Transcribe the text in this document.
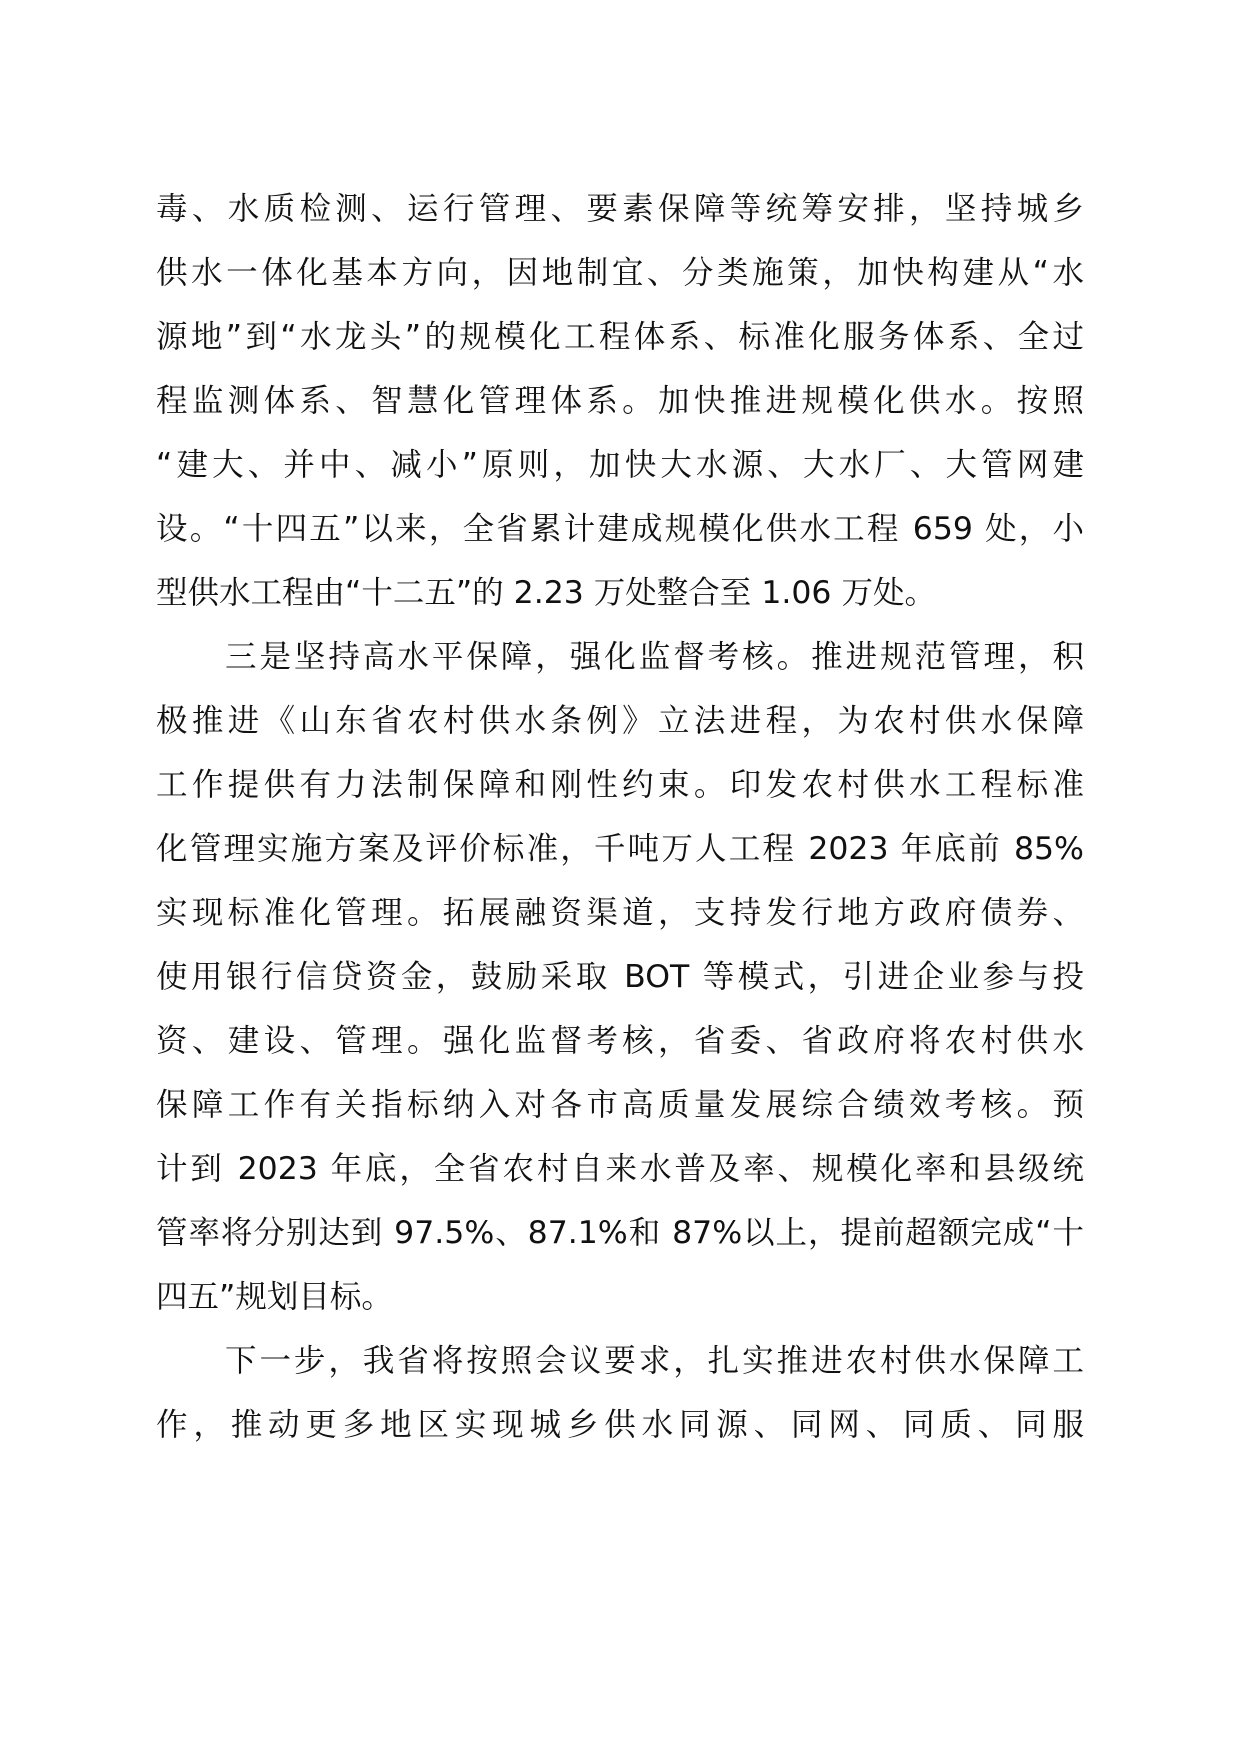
毒、水质检测、运行管理、要素保障等统筹安排，坚持城乡
供水一体化基本方向，因地制宜、分类施策，加快构建从“水
源地”到“水龙头”的规模化工程体系、标准化服务体系、全过
程监测体系、智慧化管理体系。加快推进规模化供水。按照
“建大、并中、减小”原则，加快大水源、大水厂、大管网建
设。“十四五”以来，全省累计建成规模化供水工程 659 处，小
型供水工程由“十二五”的 2.23 万处整合至 1.06 万处。
　　三是坚持高水平保障，强化监督考核。推进规范管理，积
极推进《山东省农村供水条例》立法进程，为农村供水保障
工作提供有力法制保障和刚性约束。印发农村供水工程标准
化管理实施方案及评价标准，千吨万人工程 2023 年底前 85%
实现标准化管理。拓展融资渠道，支持发行地方政府债券、
使用银行信贷资金，鼓励采取 BOT 等模式，引进企业参与投
资、建设、管理。强化监督考核，省委、省政府将农村供水
保障工作有关指标纳入对各市高质量发展综合绩效考核。预
计到 2023 年底，全省农村自来水普及率、规模化率和县级统
管率将分别达到 97.5%、87.1%和 87%以上，提前超额完成“十
四五”规划目标。
　　下一步，我省将按照会议要求，扎实推进农村供水保障工
作，推动更多地区实现城乡供水同源、同网、同质、同服
